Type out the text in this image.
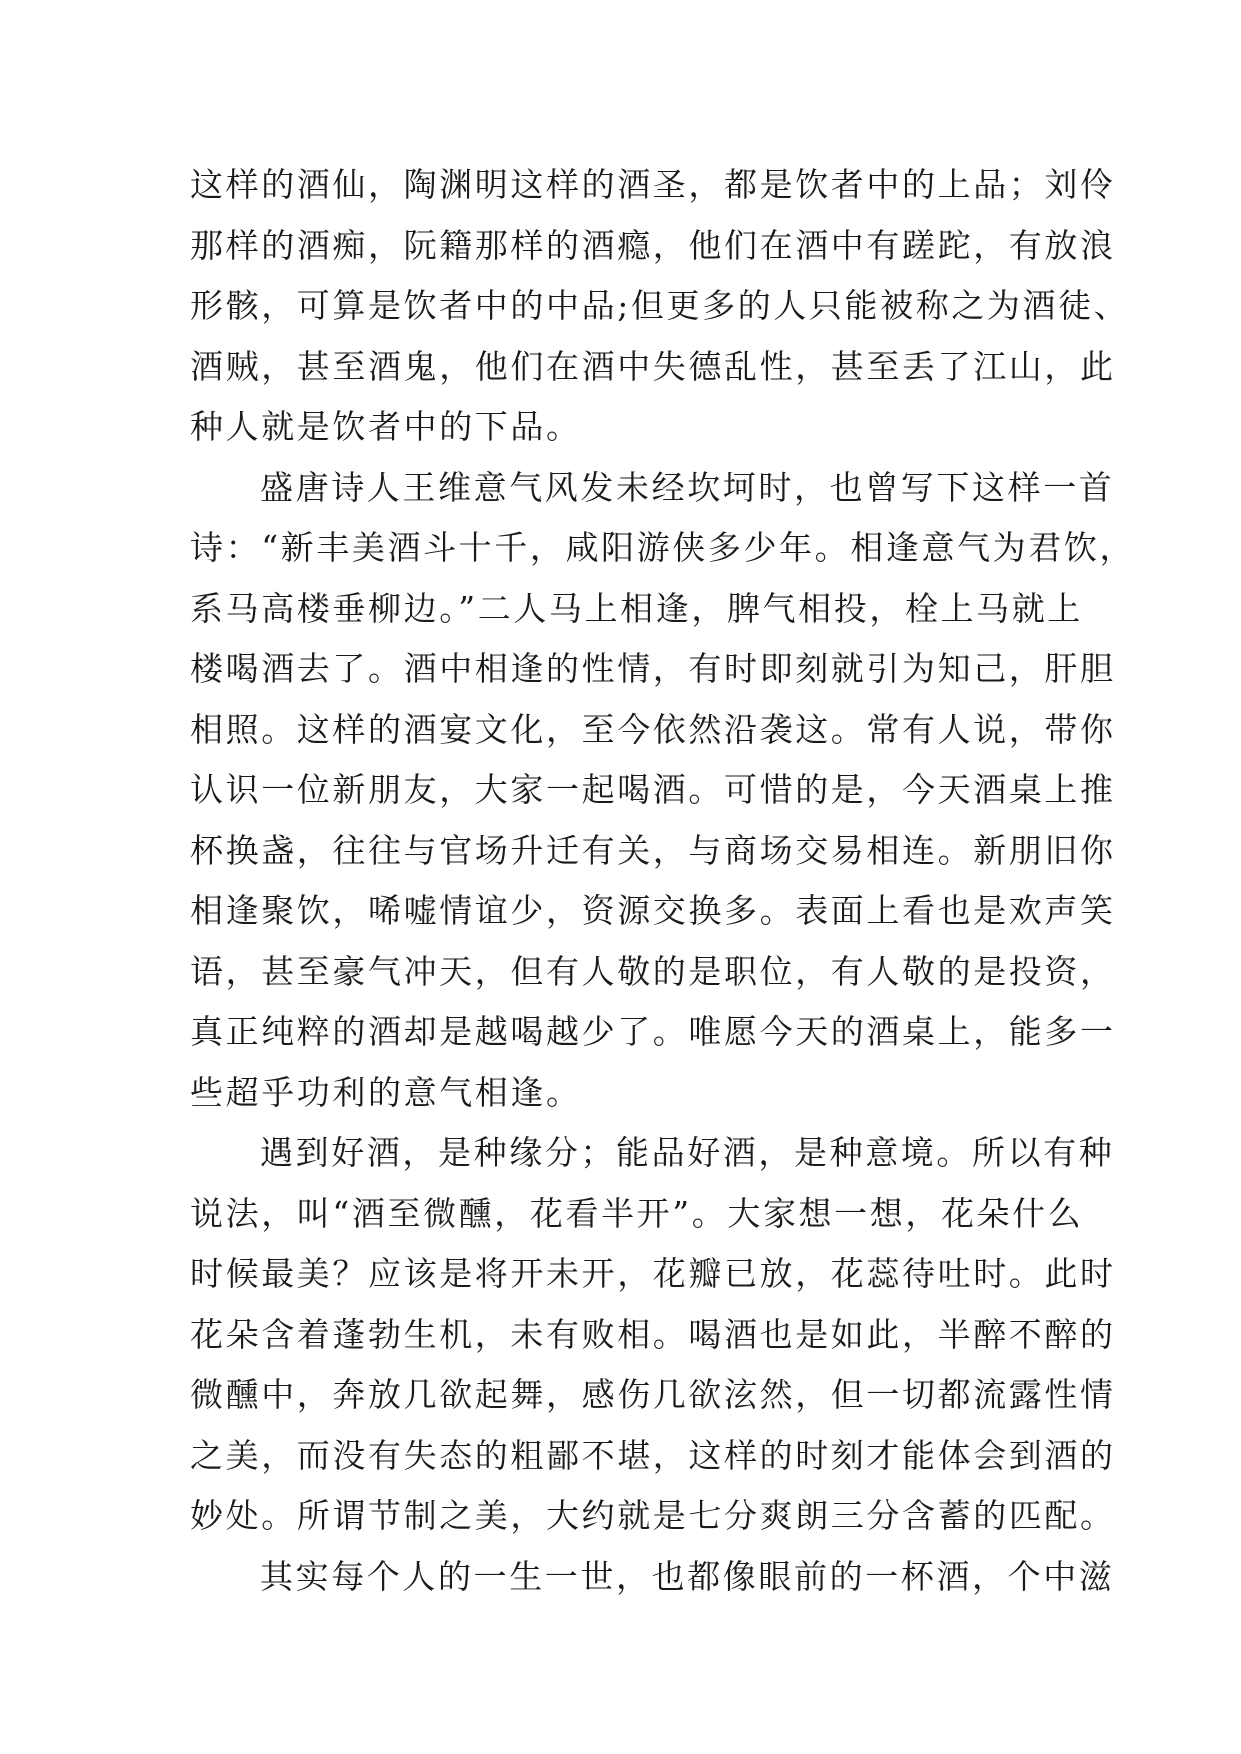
这样的酒仙，陶渊明这样的酒圣，都是饮者中的上品；刘伶
那样的酒痴，阮籍那样的酒瘾，他们在酒中有蹉跎，有放浪
形骸，可算是饮者中的中品;但更多的人只能被称之为酒徒、
酒贼，甚至酒鬼，他们在酒中失德乱性，甚至丢了江山，此
种人就是饮者中的下品。
盛唐诗人王维意气风发未经坎坷时，也曾写下这样一首
诗：“新丰美酒斗十千，咸阳游侠多少年。相逢意气为君饮，
系马高楼垂柳边。”二人马上相逢，脾气相投，栓上马就上
楼喝酒去了。酒中相逢的性情，有时即刻就引为知己，肝胆
相照。这样的酒宴文化，至今依然沿袭这。常有人说，带你
认识一位新朋友，大家一起喝酒。可惜的是，今天酒桌上推
杯换盏，往往与官场升迁有关，与商场交易相连。新朋旧你
相逢聚饮，唏嘘情谊少，资源交换多。表面上看也是欢声笑
语，甚至豪气冲天，但有人敬的是职位，有人敬的是投资，
真正纯粹的酒却是越喝越少了。唯愿今天的酒桌上，能多一
些超乎功利的意气相逢。
遇到好酒，是种缘分；能品好酒，是种意境。所以有种
说法，叫“酒至微醺，花看半开”。大家想一想，花朵什么
时候最美？应该是将开未开，花瓣已放，花蕊待吐时。此时
花朵含着蓬勃生机，未有败相。喝酒也是如此，半醉不醉的
微醺中，奔放几欲起舞，感伤几欲泫然，但一切都流露性情
之美，而没有失态的粗鄙不堪，这样的时刻才能体会到酒的
妙处。所谓节制之美，大约就是七分爽朗三分含蓄的匹配。
其实每个人的一生一世，也都像眼前的一杯酒，个中滋
